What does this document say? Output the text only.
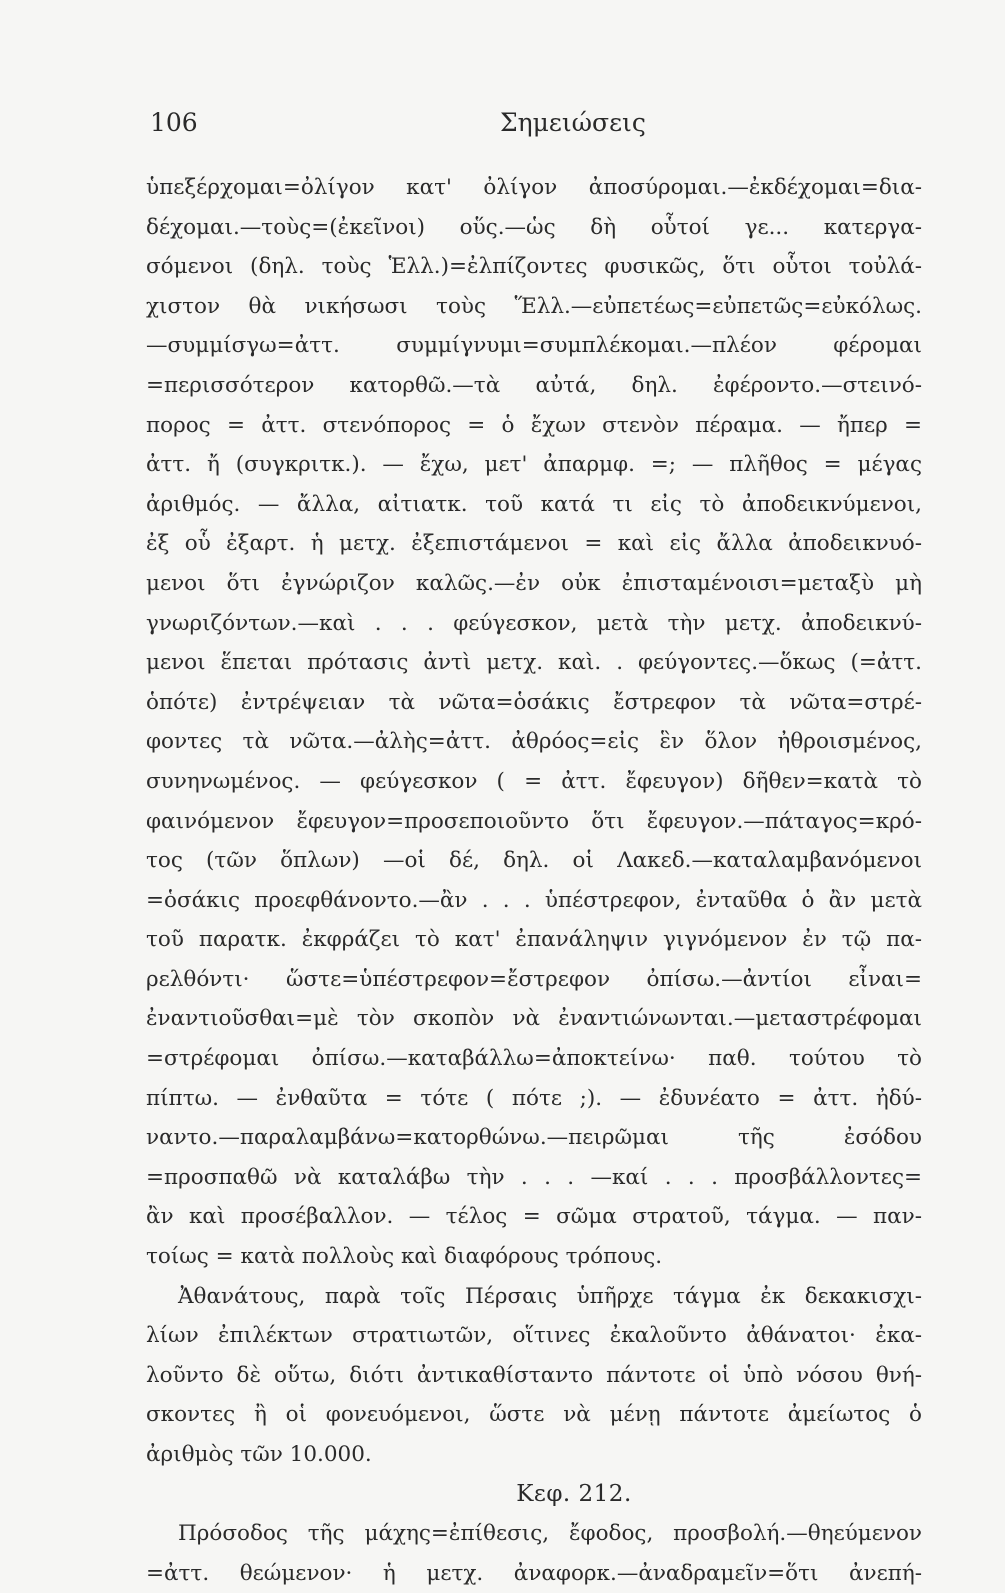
106	Σημειώσεις
ὑπεξέρχομαι=ὀλίγον κατ' ὀλίγον ἀποσύρομαι.—ἐκδέχομαι=δια-
δέχομαι.—τοὺς=(ἐκεῖνοι) οὕς.—ὡς δὴ οὗτοί γε... κατεργα-
σόμενοι (δηλ. τοὺς Ἑλλ.)=ἐλπίζοντες φυσικῶς, ὅτι οὗτοι τοὐλά-
χιστον θὰ νικήσωσι τοὺς Ἕλλ.—εὐπετέως=εὐπετῶς=εὐκόλως.
—συμμίσγω=ἀττ. συμμίγνυμι=συμπλέκομαι.—πλέον φέρομαι
=περισσότερον κατορθῶ.—τὰ αὐτά, δηλ. ἐφέροντο.—στεινό-
πορος = ἀττ. στενόπορος = ὁ ἔχων στενὸν πέραμα. — ἤπερ =
ἀττ. ἤ (συγκριτκ.). — ἔχω, μετ' ἀπαρμφ. =; — πλῆθος = μέγας
ἀριθμός. — ἄλλα, αἰτιατκ. τοῦ κατά τι εἰς τὸ ἀποδεικνύμενοι,
ἐξ οὗ ἐξαρτ. ἡ μετχ. ἐξεπιστάμενοι = καὶ εἰς ἄλλα ἀποδεικνυό-
μενοι ὅτι ἐγνώριζον καλῶς.—ἐν οὐκ ἐπισταμένοισι=μεταξὺ μὴ
γνωριζόντων.—καὶ . . . φεύγεσκον, μετὰ τὴν μετχ. ἀποδεικνύ-
μενοι ἕπεται πρότασις ἀντὶ μετχ. καὶ. . φεύγοντες.—ὅκως (=ἀττ.
ὁπότε) ἐντρέψειαν τὰ νῶτα=ὁσάκις ἔστρεφον τὰ νῶτα=στρέ-
φοντες τὰ νῶτα.—ἀλὴς=ἀττ. ἀθρόος=εἰς ἓν ὅλον ἠθροισμένος,
συνηνωμένος. — φεύγεσκον ( = ἀττ. ἔφευγον) δῆθεν=κατὰ τὸ
φαινόμενον ἔφευγον=προσεποιοῦντο ὅτι ἔφευγον.—πάταγος=κρό-
τος (τῶν ὅπλων) —οἱ δέ, δηλ. οἱ Λακεδ.—καταλαμβανόμενοι
=ὁσάκις προεφθάνοντο.—ἂν . . . ὑπέστρεφον, ἐνταῦθα ὁ ἂν μετὰ
τοῦ παρατκ. ἐκφράζει τὸ κατ' ἐπανάληψιν γιγνόμενον ἐν τῷ πα-
ρελθόντι· ὥστε=ὑπέστρεφον=ἔστρεφον ὀπίσω.—ἀντίοι εἶναι=
ἐναντιοῦσθαι=μὲ τὸν σκοπὸν νὰ ἐναντιώνωνται.—μεταστρέφομαι
=στρέφομαι ὀπίσω.—καταβάλλω=ἀποκτείνω· παθ. τούτου τὸ
πίπτω. — ἐνθαῦτα = τότε ( πότε ;). — ἐδυνέατο = ἀττ. ἠδύ-
ναντο.—παραλαμβάνω=κατορθώνω.—πειρῶμαι τῆς ἐσόδου
=προσπαθῶ νὰ καταλάβω τὴν . . . —καί . . . προσβάλλοντες=
ἂν καὶ προσέβαλλον. — τέλος = σῶμα στρατοῦ, τάγμα. — παν-
τοίως = κατὰ πολλοὺς καὶ διαφόρους τρόπους.
Ἀθανάτους, παρὰ τοῖς Πέρσαις ὑπῆρχε τάγμα ἐκ δεκακισχι-
λίων ἐπιλέκτων στρατιωτῶν, οἵτινες ἐκαλοῦντο ἀθάνατοι· ἐκα-
λοῦντο δὲ οὕτω, διότι ἀντικαθίσταντο πάντοτε οἱ ὑπὸ νόσου θνή-
σκοντες ἢ οἱ φονευόμενοι, ὥστε νὰ μένῃ πάντοτε ἀμείωτος ὁ
ἀριθμὸς τῶν 10.000.
Κεφ. 212.
Πρόσοδος τῆς μάχης=ἐπίθεσις, ἔφοδος, προσβολή.—θηεύμενον
=ἀττ. θεώμενον· ἡ μετχ. ἀναφορκ.—ἀναδραμεῖν=ὅτι ἀνεπή-
